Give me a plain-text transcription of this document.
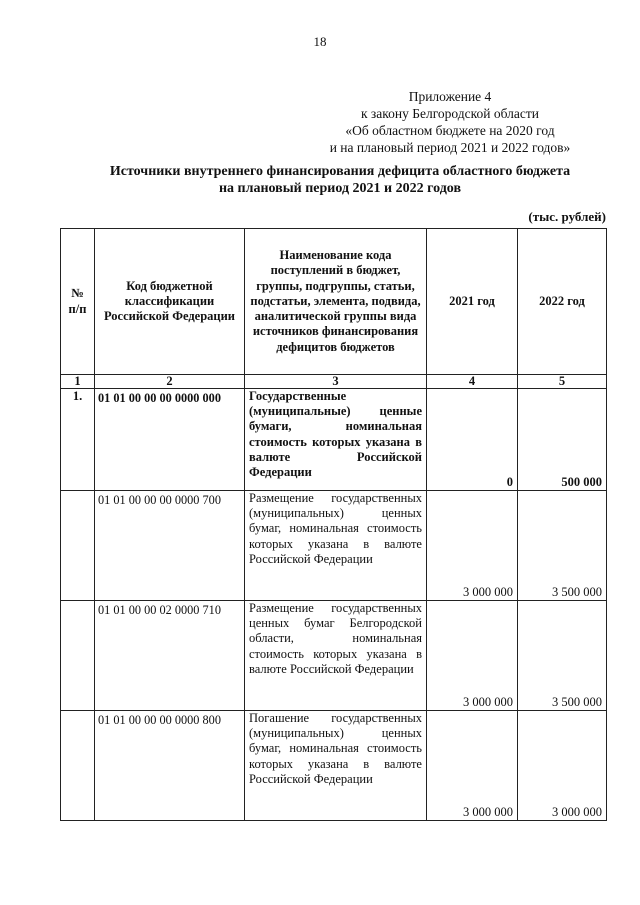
18
Приложение 4
к закону Белгородской области
«Об областном бюджете на 2020 год
и на плановый период 2021 и 2022 годов»
Источники внутреннего финансирования дефицита областного бюджета
на плановый период 2021 и 2022 годов
(тыс. рублей)
№ п/п	Код бюджетной классификации Российской Федерации	Наименование кода поступлений в бюджет, группы, подгруппы, статьи, подстатьи, элемента, подвида, аналитической группы вида источников финансирования дефицитов бюджетов	2021 год	2022 год
1	2	3	4	5
1.	01 01 00 00 00 0000 000	Государственные (муниципальные) ценные бумаги, номинальная стоимость которых указана в валюте Российской Федерации	0	500 000
	01 01 00 00 00 0000 700	Размещение государственных (муниципальных) ценных бумаг, номинальная стоимость которых указана в валюте Российской Федерации	3 000 000	3 500 000
	01 01 00 00 02 0000 710	Размещение государственных ценных бумаг Белгородской области, номинальная стоимость которых указана в валюте Российской Федерации	3 000 000	3 500 000
	01 01 00 00 00 0000 800	Погашение государственных (муниципальных) ценных бумаг, номинальная стоимость которых указана в валюте Российской Федерации	3 000 000	3 000 000
